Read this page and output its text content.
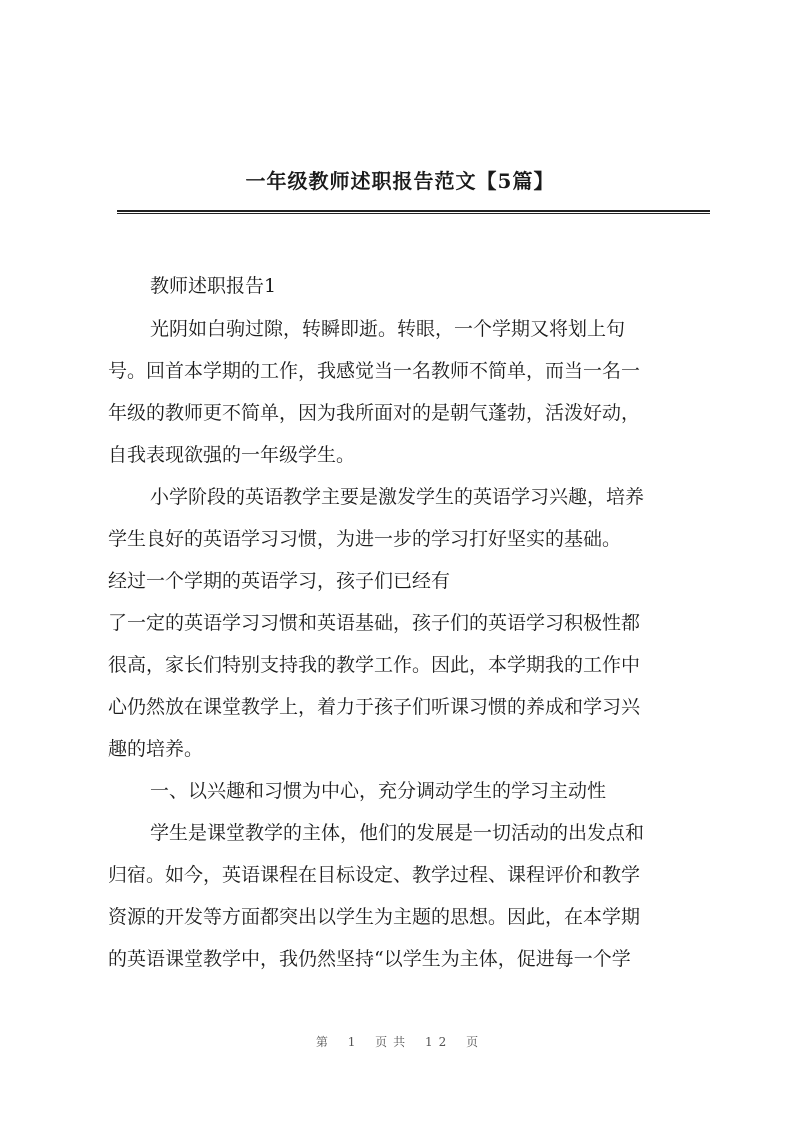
一年级教师述职报告范文【5篇】
教师述职报告1
光阴如白驹过隙，转瞬即逝。转眼，一个学期又将划上句
号。回首本学期的工作，我感觉当一名教师不简单，而当一名一
年级的教师更不简单，因为我所面对的是朝气蓬勃，活泼好动，
自我表现欲强的一年级学生。
小学阶段的英语教学主要是激发学生的英语学习兴趣，培养
学生良好的英语学习习惯，为进一步的学习打好坚实的基础。
经过一个学期的英语学习，孩子们已经有
了一定的英语学习习惯和英语基础，孩子们的英语学习积极性都
很高，家长们特别支持我的教学工作。因此，本学期我的工作中
心仍然放在课堂教学上，着力于孩子们听课习惯的养成和学习兴
趣的培养。
一、以兴趣和习惯为中心，充分调动学生的学习主动性
学生是课堂教学的主体，他们的发展是一切活动的出发点和
归宿。如今，英语课程在目标设定、教学过程、课程评价和教学
资源的开发等方面都突出以学生为主题的思想。因此，在本学期
的英语课堂教学中，我仍然坚持“以学生为主体，促进每一个学
第 1 页共 12 页
